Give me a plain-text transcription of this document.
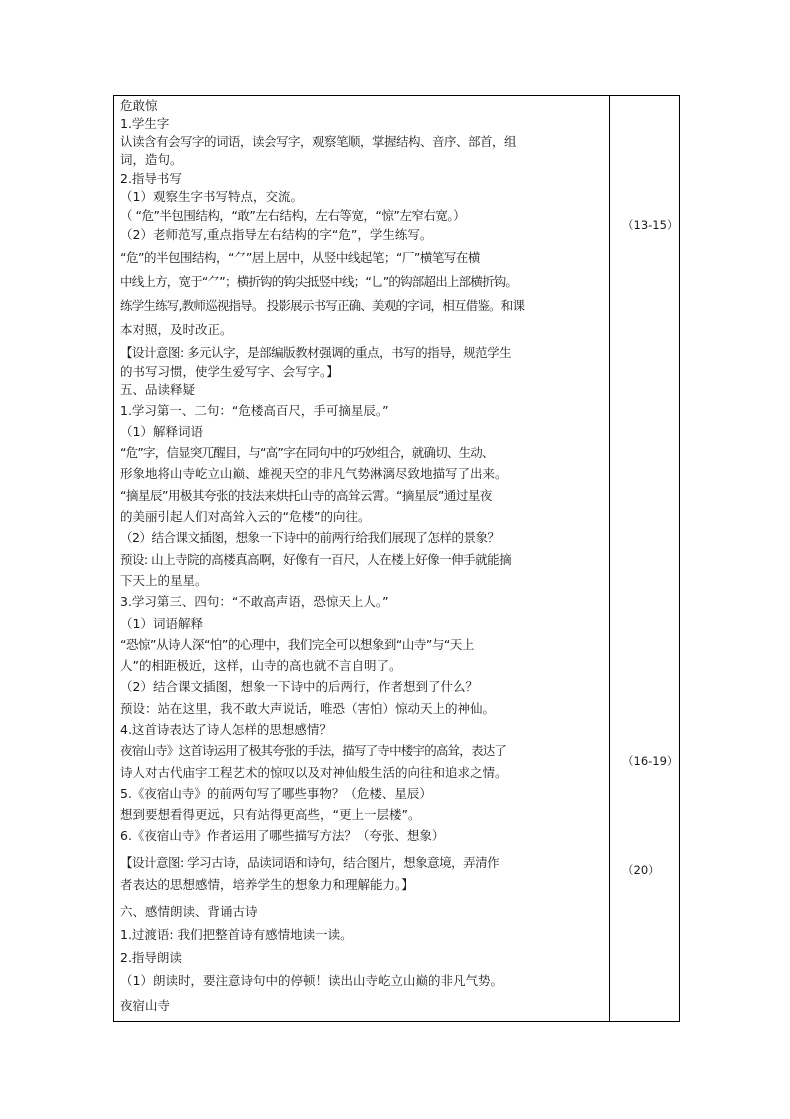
危敢惊
1.学生字
认读含有会写字的词语，读会写字，观察笔顺，掌握结构、音序、部首，组
词，造句。
2.指导书写
（1）观察生字书写特点，交流。
（ “危”半包围结构，“敢”左右结构，左右等宽，“惊”左窄右宽。）
（2）老师范写,重点指导左右结构的字“危”，学生练写。
“危”的半包围结构，“⺈”居上居中，从竖中线起笔；“厂”横笔写在横
中线上方，宽于“⺈”；横折钩的钩尖抵竖中线；“乚”的钩部超出上部横折钩。
练学生练写,教师巡视指导。 投影展示书写正确、美观的字词，相互借鉴。和课
本对照，及时改正。
【设计意图: 多元认字，是部编版教材强调的重点，书写的指导，规范学生
的书写习惯，使学生爱写字、会写字。】
五、品读释疑
1.学习第一、二句：“危楼高百尺，手可摘星辰。”
（1）解释词语
“危”字，信显突兀醒目，与“高”字在同句中的巧妙组合，就确切、生动、
形象地将山寺屹立山巅、雄视天空的非凡气势淋漓尽致地描写了出来。
“摘星辰”用极其夸张的技法来烘托山寺的高耸云霄。“摘星辰”通过星夜
的美丽引起人们对高耸入云的“危楼”的向往。
（2）结合课文插图，想象一下诗中的前两行给我们展现了怎样的景象？
预设: 山上寺院的高楼真高啊，好像有一百尺，人在楼上好像一伸手就能摘
下天上的星星。
3.学习第三、四句：“不敢高声语，恐惊天上人。”
（1）词语解释
“恐惊”从诗人深“怕”的心理中，我们完全可以想象到“山寺”与“天上
人”的相距极近，这样，山寺的高也就不言自明了。
（2）结合课文插图，想象一下诗中的后两行，作者想到了什么？
预设：站在这里，我不敢大声说话，唯恐（害怕）惊动天上的神仙。
4.这首诗表达了诗人怎样的思想感情？
夜宿山寺》这首诗运用了极其夸张的手法，描写了寺中楼宇的高耸，表达了
诗人对古代庙宇工程艺术的惊叹以及对神仙般生活的向往和追求之情。
5.《夜宿山寺》的前两句写了哪些事物？（危楼、星辰）
想到要想看得更远，只有站得更高些，“更上一层楼”。
6.《夜宿山寺》作者运用了哪些描写方法？（夸张、想象）
【设计意图: 学习古诗，品读词语和诗句，结合图片，想象意境，弄清作
者表达的思想感情，培养学生的想象力和理解能力。】
六、感情朗读、背诵古诗
1.过渡语: 我们把整首诗有感情地读一读。
2.指导朗读
（1）朗读时，要注意诗句中的停顿！读出山寺屹立山巅的非凡气势。
夜宿山寺
（13-15）
（16-19）
（20）
